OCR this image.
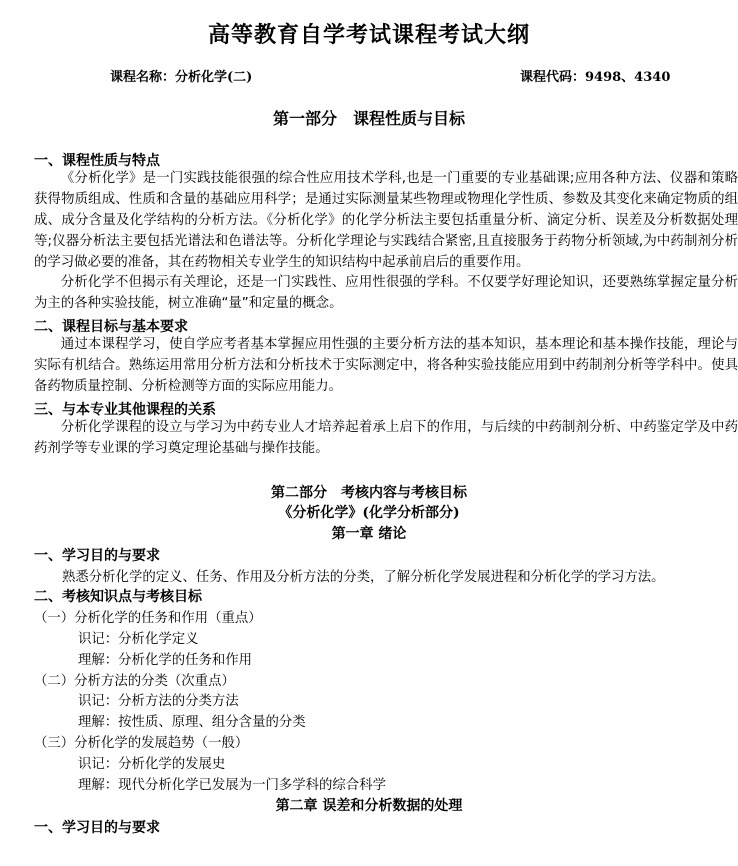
高等教育自学考试课程考试大纲
课程名称：分析化学(二)	课程代码：9498、4340
第一部分　课程性质与目标
一、课程性质与特点
《分析化学》是一门实践技能很强的综合性应用技术学科,也是一门重要的专业基础课;应用各种方法、仪器和策略获得物质组成、性质和含量的基础应用科学；是通过实际测量某些物理或物理化学性质、参数及其变化来确定物质的组成、成分含量及化学结构的分析方法。《分析化学》的化学分析法主要包括重量分析、滴定分析、误差及分析数据处理等;仪器分析法主要包括光谱法和色谱法等。分析化学理论与实践结合紧密,且直接服务于药物分析领域,为中药制剂分析的学习做必要的准备，其在药物相关专业学生的知识结构中起承前启后的重要作用。
分析化学不但揭示有关理论，还是一门实践性、应用性很强的学科。不仅要学好理论知识，还要熟练掌握定量分析为主的各种实验技能，树立准确“量”和定量的概念。
二、课程目标与基本要求
通过本课程学习，使自学应考者基本掌握应用性强的主要分析方法的基本知识，基本理论和基本操作技能，理论与实际有机结合。熟练运用常用分析方法和分析技术于实际测定中，将各种实验技能应用到中药制剂分析等学科中。使具备药物质量控制、分析检测等方面的实际应用能力。
三、与本专业其他课程的关系
分析化学课程的设立与学习为中药专业人才培养起着承上启下的作用，与后续的中药制剂分析、中药鉴定学及中药药剂学等专业课的学习奠定理论基础与操作技能。
第二部分　考核内容与考核目标
《分析化学》(化学分析部分)
第一章 绪论
一、学习目的与要求
熟悉分析化学的定义、任务、作用及分析方法的分类，了解分析化学发展进程和分析化学的学习方法。
二、考核知识点与考核目标
（一）分析化学的任务和作用（重点）
识记：分析化学定义
理解：分析化学的任务和作用
（二）分析方法的分类（次重点）
识记：分析方法的分类方法
理解：按性质、原理、组分含量的分类
（三）分析化学的发展趋势（一般）
识记：分析化学的发展史
理解：现代分析化学已发展为一门多学科的综合科学
第二章 误差和分析数据的处理
一、学习目的与要求
